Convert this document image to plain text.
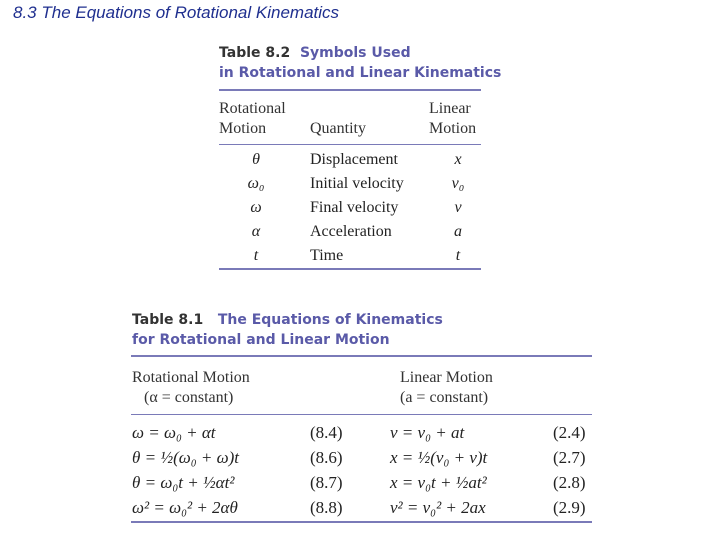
8.3 The Equations of Rotational Kinematics
Table 8.2 Symbols Used
in Rotational and Linear Kinematics
Rotational
Motion	Quantity
Linear
Motion
θ
ω₀
ω
α
t
Displacement
Initial velocity
Final velocity
Acceleration
Time
x
v₀
v
a
t
Table 8.1 The Equations of Kinematics
for Rotational and Linear Motion
Rotational Motion
(α = constant)
Linear Motion
(a = constant)
ω = ω₀ + αt
θ = ½(ω₀ + ω)t
θ = ω₀t + ½αt²
ω² = ω₀² + 2αθ
(8.4)
(8.6)
(8.7)
(8.8)
v = v₀ + at
x = ½(v₀ + v)t
x = v₀t + ½at²
v² = v₀² + 2ax
(2.4)
(2.7)
(2.8)
(2.9)
